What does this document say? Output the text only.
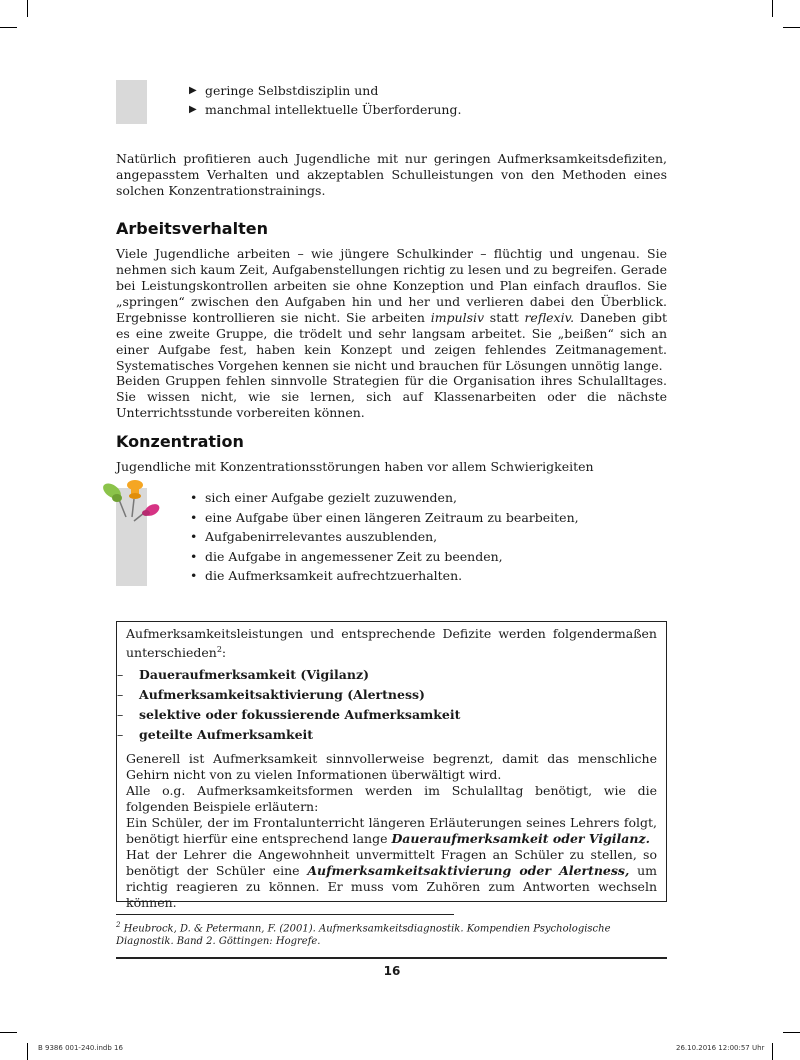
▶ geringe Selbstdisziplin und
▶ manchmal intellektuelle Überforderung.

Natürlich profitieren auch Jugendliche mit nur geringen Aufmerksamkeitsdefiziten, angepasstem Verhalten und akzeptablen Schulleistungen von den Methoden eines solchen Konzentrationstrainings.

Arbeitsverhalten

Viele Jugendliche arbeiten – wie jüngere Schulkinder – flüchtig und ungenau. Sie nehmen sich kaum Zeit, Aufgabenstellungen richtig zu lesen und zu begreifen. Gerade bei Leistungskontrollen arbeiten sie ohne Konzeption und Plan einfach drauflos. Sie „springen“ zwischen den Aufgaben hin und her und verlieren dabei den Überblick. Ergebnisse kontrollieren sie nicht. Sie arbeiten impulsiv statt reflexiv. Daneben gibt es eine zweite Gruppe, die trödelt und sehr langsam arbeitet. Sie „beißen“ sich an einer Aufgabe fest, haben kein Konzept und zeigen fehlendes Zeitmanagement. Systematisches Vorgehen kennen sie nicht und brauchen für Lösungen unnötig lange.

Beiden Gruppen fehlen sinnvolle Strategien für die Organisation ihres Schulalltages. Sie wissen nicht, wie sie lernen, sich auf Klassenarbeiten oder die nächste Unterrichtsstunde vorbereiten können.

Konzentration

Jugendliche mit Konzentrationsstörungen haben vor allem Schwierigkeiten

• sich einer Aufgabe gezielt zuzuwenden,
• eine Aufgabe über einen längeren Zeitraum zu bearbeiten,
• Aufgabenirrelevantes auszublenden,
• die Aufgabe in angemessener Zeit zu beenden,
• die Aufmerksamkeit aufrechtzuerhalten.

Aufmerksamkeitsleistungen und entsprechende Defizite werden folgendermaßen unterschieden$^2$:

– Daueraufmerksamkeit (Vigilanz)
– Aufmerksamkeitsaktivierung (Alertness)
– selektive oder fokussierende Aufmerksamkeit
– geteilte Aufmerksamkeit

Generell ist Aufmerksamkeit sinnvollerweise begrenzt, damit das menschliche Gehirn nicht von zu vielen Informationen überwältigt wird.

Alle o.g. Aufmerksamkeitsformen werden im Schulalltag benötigt, wie die folgenden Beispiele erläutern:

Ein Schüler, der im Frontalunterricht längeren Erläuterungen seines Lehrers folgt, benötigt hierfür eine entsprechend lange Daueraufmerksamkeit oder Vigilanz.

Hat der Lehrer die Angewohnheit unvermittelt Fragen an Schüler zu stellen, so benötigt der Schüler eine Aufmerksamkeitsaktivierung oder Alertness, um richtig reagieren zu können. Er muss vom Zuhören zum Antworten wechseln können.

$^2$ Heubrock, D. & Petermann, F. (2001). Aufmerksamkeitsdiagnostik. Kompendien Psychologische Diagnostik. Band 2. Göttingen: Hogrefe.
16
B 9386 001-240.indb 16	26.10.2016 12:00:57 Uhr
